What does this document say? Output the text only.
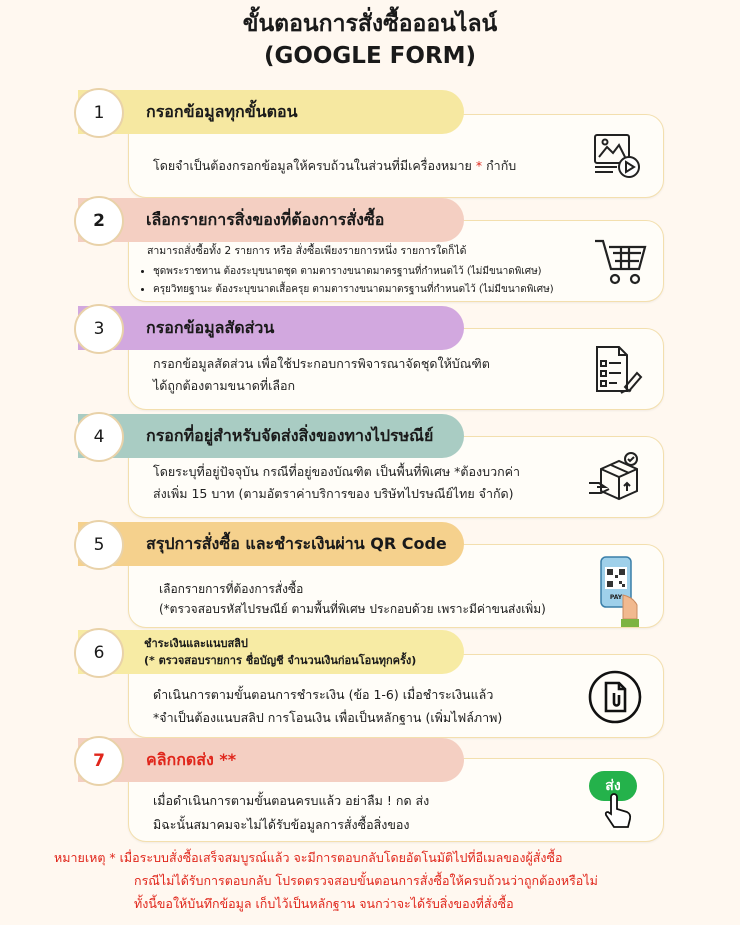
ขั้นตอนการสั่งซื้อออนไลน์
(GOOGLE FORM)
โดยจำเป็นต้องกรอกข้อมูลให้ครบถ้วนในส่วนที่มีเครื่องหมาย * กำกับ
กรอกข้อมูลทุกขั้นตอน
1
สามารถสั่งซื้อทั้ง 2 รายการ หรือ สั่งซื้อเพียงรายการหนึ่ง รายการใดก็ได้
• ชุดพระราชทาน ต้องระบุขนาดชุด ตามตารางขนาดมาตรฐานที่กำหนดไว้ (ไม่มีขนาดพิเศษ)
• ครุยวิทยฐานะ ต้องระบุขนาดเสื้อครุย ตามตารางขนาดมาตรฐานที่กำหนดไว้ (ไม่มีขนาดพิเศษ)
เลือกรายการสิ่งของที่ต้องการสั่งซื้อ
2
กรอกข้อมูลสัดส่วน เพื่อใช้ประกอบการพิจารณาจัดชุดให้บัณฑิต
ได้ถูกต้องตามขนาดที่เลือก
กรอกข้อมูลสัดส่วน
3
โดยระบุที่อยู่ปัจจุบัน กรณีที่อยู่ของบัณฑิต เป็นพื้นที่พิเศษ *ต้องบวกค่า
ส่งเพิ่ม 15 บาท (ตามอัตราค่าบริการของ บริษัทไปรษณีย์ไทย จำกัด)
กรอกที่อยู่สำหรับจัดส่งสิ่งของทางไปรษณีย์
4
เลือกรายการที่ต้องการสั่งซื้อ
(*ตรวจสอบรหัสไปรษณีย์ ตามพื้นที่พิเศษ ประกอบด้วย เพราะมีค่าขนส่งเพิ่ม)
PAY
สรุปการสั่งซื้อ และชำระเงินผ่าน QR Code
5
ดำเนินการตามขั้นตอนการชำระเงิน (ข้อ 1-6) เมื่อชำระเงินแล้ว
*จำเป็นต้องแนบสลิป การโอนเงิน เพื่อเป็นหลักฐาน (เพิ่มไฟล์ภาพ)
ชำระเงินและแนบสลิป
(* ตรวจสอบรายการ ชื่อบัญชี จำนวนเงินก่อนโอนทุกครั้ง)
6
เมื่อดำเนินการตามขั้นตอนครบแล้ว อย่าลืม ! กด ส่ง
มิฉะนั้นสมาคมจะไม่ได้รับข้อมูลการสั่งซื้อสิ่งของ
ส่ง
คลิกกดส่ง **
7
หมายเหตุ * เมื่อระบบสั่งซื้อเสร็จสมบูรณ์แล้ว จะมีการตอบกลับโดยอัตโนมัติไปที่อีเมลของผู้สั่งซื้อ
กรณีไม่ได้รับการตอบกลับ โปรดตรวจสอบขั้นตอนการสั่งซื้อให้ครบถ้วนว่าถูกต้องหรือไม่
ทั้งนี้ขอให้บันทึกข้อมูล เก็บไว้เป็นหลักฐาน จนกว่าจะได้รับสิ่งของที่สั่งซื้อ
